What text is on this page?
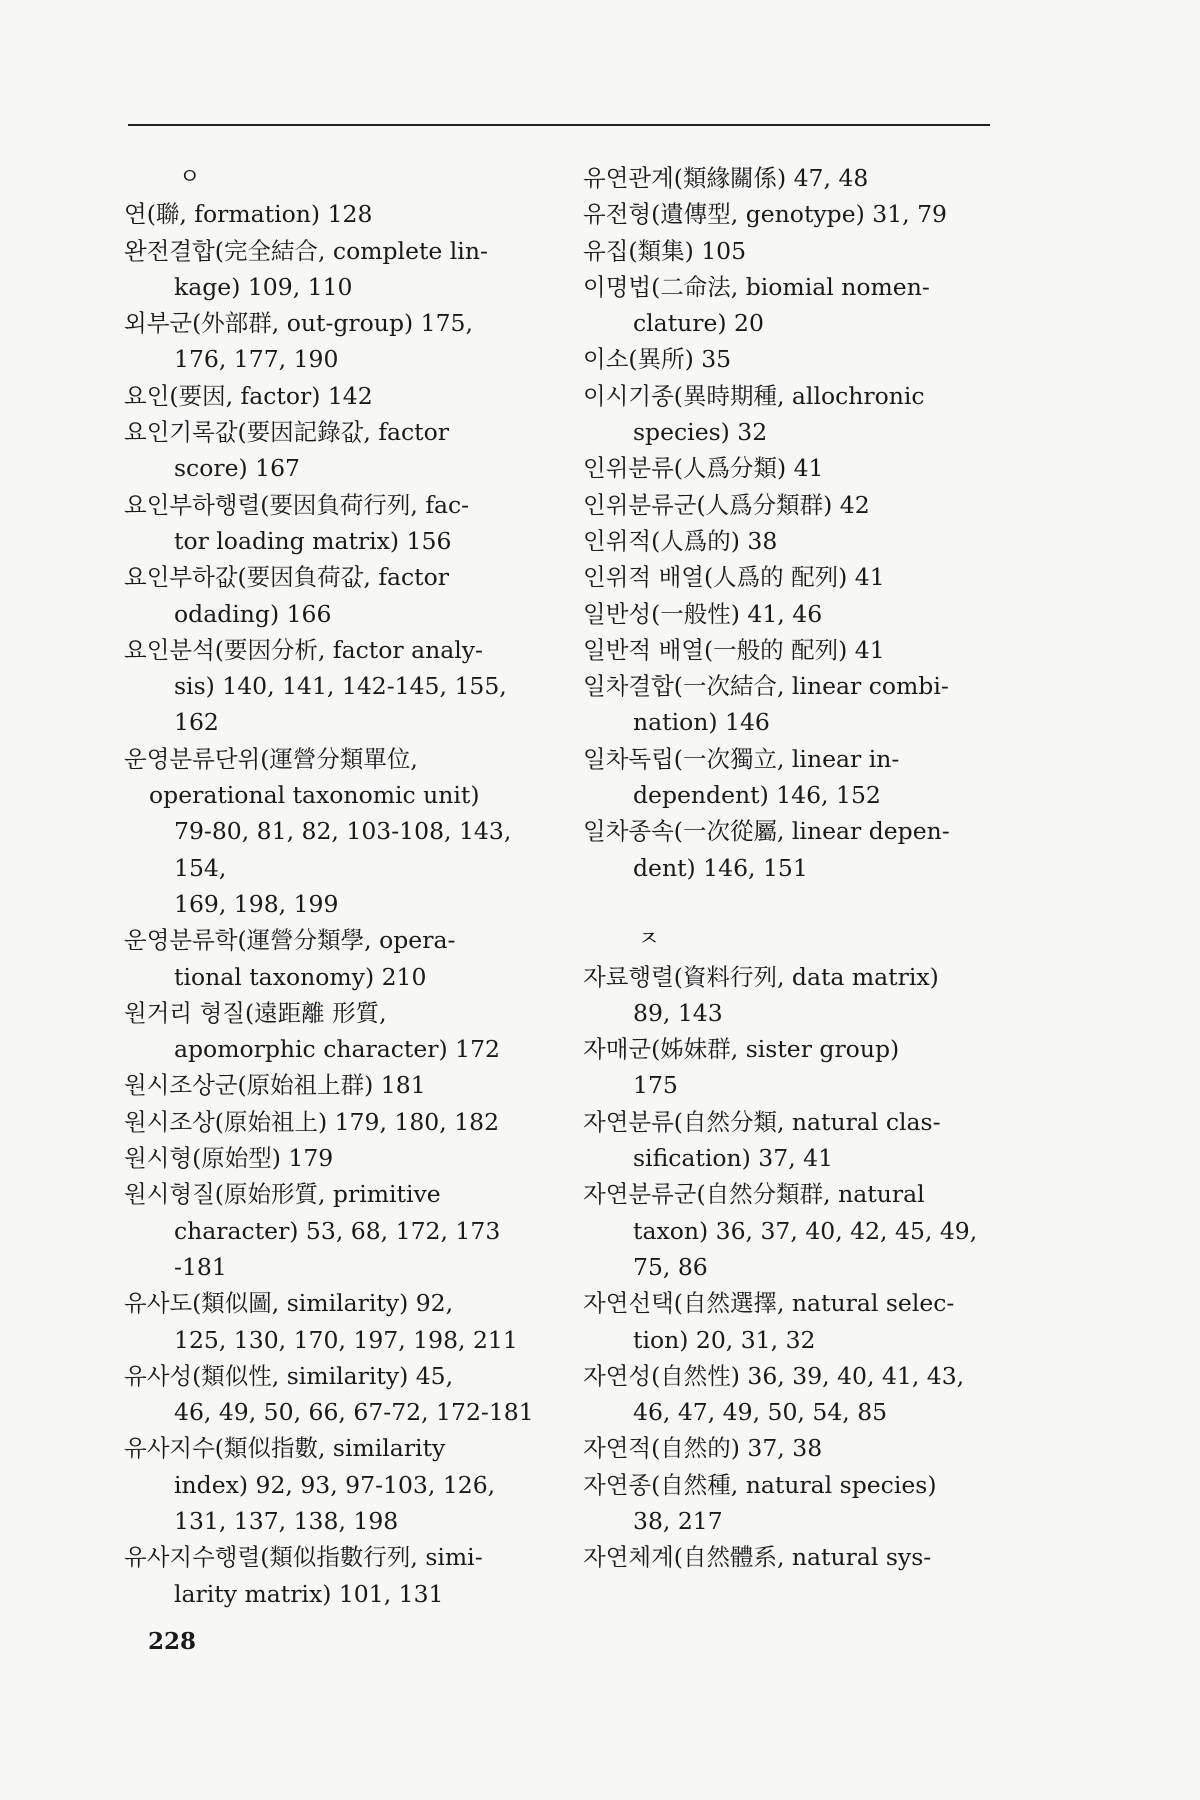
ㅇ

연(聯, formation) 128

완전결합(完全結合, complete lin-
kage) 109, 110

외부군(外部群, out-group) 175,
176, 177, 190

요인(要因, factor) 142

요인기록값(要因記錄값, factor
score) 167

요인부하행렬(要因負荷行列, fac-
tor loading matrix) 156

요인부하값(要因負荷값, factor
odading) 166

요인분석(要因分析, factor analy-
sis) 140, 141, 142-145, 155,
162

운영분류단위(運營分類單位,
operational taxonomic unit)
79-80, 81, 82, 103-108, 143, 154,
169, 198, 199

운영분류학(運營分類學, opera-
tional taxonomy) 210

원거리 형질(遠距離 形質,
apomorphic character) 172

원시조상군(原始祖上群) 181

원시조상(原始祖上) 179, 180, 182

원시형(原始型) 179

원시형질(原始形質, primitive
character) 53, 68, 172, 173
-181

유사도(類似圖, similarity) 92,
125, 130, 170, 197, 198, 211

유사성(類似性, similarity) 45,
46, 49, 50, 66, 67-72, 172-181

유사지수(類似指數, similarity
index) 92, 93, 97-103, 126,
131, 137, 138, 198

유사지수행렬(類似指數行列, simi-
larity matrix) 101, 131

유연관계(類緣關係) 47, 48

유전형(遺傳型, genotype) 31, 79

유집(類集) 105

이명법(二命法, biomial nomen-
clature) 20

이소(異所) 35

이시기종(異時期種, allochronic
species) 32

인위분류(人爲分類) 41

인위분류군(人爲分類群) 42

인위적(人爲的) 38

인위적 배열(人爲的 配列) 41

일반성(一般性) 41, 46

일반적 배열(一般的 配列) 41

일차결합(一次結合, linear combi-
nation) 146

일차독립(一次獨立, linear in-
dependent) 146, 152

일차종속(一次從屬, linear depen-
dent) 146, 151

ㅈ

자료행렬(資料行列, data matrix)
89, 143

자매군(姊妹群, sister group)
175

자연분류(自然分類, natural clas-
sification) 37, 41

자연분류군(自然分類群, natural
taxon) 36, 37, 40, 42, 45, 49,
75, 86

자연선택(自然選擇, natural selec-
tion) 20, 31, 32

자연성(自然性) 36, 39, 40, 41, 43,
46, 47, 49, 50, 54, 85

자연적(自然的) 37, 38

자연종(自然種, natural species)
38, 217

자연체계(自然體系, natural sys-

228
